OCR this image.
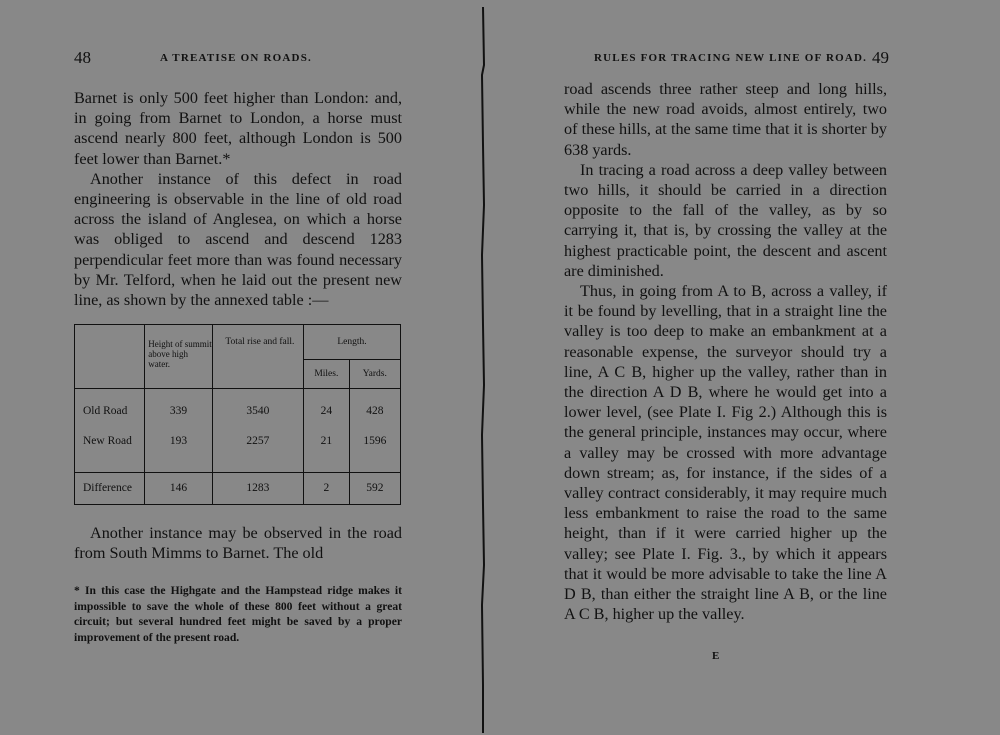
48	A TREATISE ON ROADS.

Barnet is only 500 feet higher than London: and, in going from Barnet to London, a horse must ascend nearly 800 feet, although London is 500 feet lower than Barnet.*

Another instance of this defect in road engineering is observable in the line of old road across the island of Anglesea, on which a horse was obliged to ascend and descend 1283 perpendicular feet more than was found necessary by Mr. Telford, when he laid out the present new line, as shown by the annexed table :—

	Height of summit above high water.	Total rise and fall.	Length.	
			Miles.	Yards.
Old Road	339	3540	24	428
New Road	193	2257	21	1596
Difference	146	1283	2	592

Another instance may be observed in the road from South Mimms to Barnet. The old

* In this case the Highgate and the Hampstead ridge makes it impossible to save the whole of these 800 feet without a great circuit; but several hundred feet might be saved by a proper improvement of the present road.
RULES FOR TRACING NEW LINE OF ROAD. 49

road ascends three rather steep and long hills, while the new road avoids, almost entirely, two of these hills, at the same time that it is shorter by 638 yards.

In tracing a road across a deep valley between two hills, it should be carried in a direction opposite to the fall of the valley, as by so carrying it, that is, by crossing the valley at the highest practicable point, the descent and ascent are diminished.

Thus, in going from A to B, across a valley, if it be found by levelling, that in a straight line the valley is too deep to make an embankment at a reasonable expense, the surveyor should try a line, A C B, higher up the valley, rather than in the direction A D B, where he would get into a lower level, (see Plate I. Fig 2.) Although this is the general principle, instances may occur, where a valley may be crossed with more advantage down stream; as, for instance, if the sides of a valley contract considerably, it may require much less embankment to raise the road to the same height, than if it were carried higher up the valley; see Plate I. Fig. 3., by which it appears that it would be more advisable to take the line A D B, than either the straight line A B, or the line A C B, higher up the valley.

E
